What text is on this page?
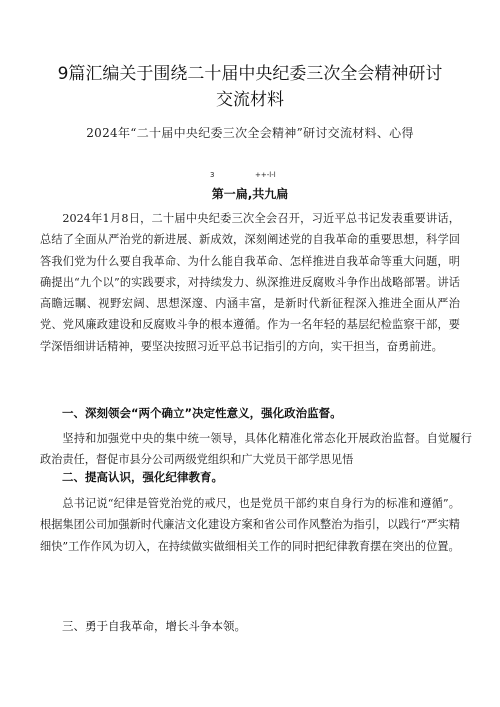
9篇汇编关于围绕二十届中央纪委三次全会精神研讨
交流材料
2024年“二十届中央纪委三次全会精神”研讨交流材料、心得
3	++-l-l
第一扁,共九扁

2024年1月8日，二十届中央纪委三次全会召开，习近平总书记发表重要讲话，总结了全面从严治党的新进展、新成效，深刻阐述党的自我革命的重要思想，科学回答我们党为什么要自我革命、为什么能自我革命、怎样推进自我革命等重大问题，明确提出“九个以”的实践要求，对持续发力、纵深推进反腐败斗争作出战略部署。讲话高瞻远瞩、视野宏阔、思想深邃、内涵丰富，是新时代新征程深入推进全面从严治党、党风廉政建设和反腐败斗争的根本遵循。作为一名年轻的基层纪检监察干部，要学深悟细讲话精神，要坚决按照习近平总书记指引的方向，实干担当，奋勇前进。

一、深刻领会“两个确立”决定性意义，强化政治监督。

坚持和加强党中央的集中统一领导，具体化精准化常态化开展政治监督。自觉履行政治责任，督促市县分公司两级党组织和广大党员干部学思见悟

二、提高认识，强化纪律教育。

总书记说“纪律是管党治党的戒尺，也是党员干部约束自身行为的标准和遵循”。根据集团公司加强新时代廉洁文化建设方案和省公司作风整治为指引，以践行“严实精细快”工作作风为切入，在持续做实做细相关工作的同时把纪律教育摆在突出的位置。

三、勇于自我革命，增长斗争本领。
